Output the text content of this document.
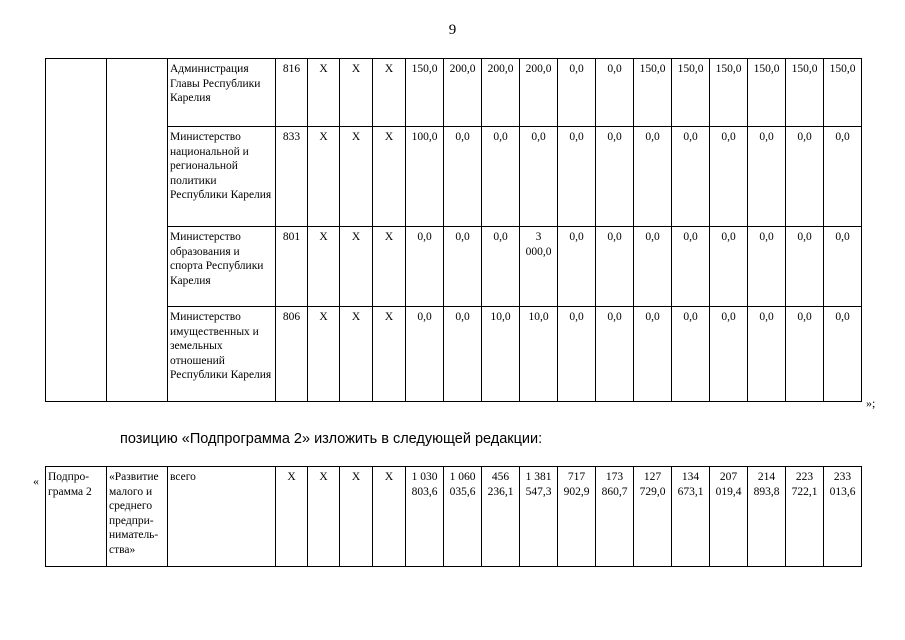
9
		Администрация Главы Республики Карелия	816	Х	Х	Х	150,0	200,0	200,0	200,0	0,0	0,0	150,0	150,0	150,0	150,0	150,0	150,0
		Министерство национальной и региональной политики Республики Карелия	833	Х	Х	Х	100,0	0,0	0,0	0,0	0,0	0,0	0,0	0,0	0,0	0,0	0,0	0,0
		Министерство образования и спорта Республики Карелия	801	Х	Х	Х	0,0	0,0	0,0	3 000,0	0,0	0,0	0,0	0,0	0,0	0,0	0,0	0,0
		Министерство имущественных и земельных отношений Республики Карелия	806	Х	Х	Х	0,0	0,0	10,0	10,0	0,0	0,0	0,0	0,0	0,0	0,0	0,0	0,0
»;
позицию «Подпрограмма 2» изложить в следующей редакции:
« Подпро-грамма 2	«Развитие малого и среднего предпри-ниматель-ства»	всего	Х	Х	Х	Х	1 030 803,6	1 060 035,6	456 236,1	1 381 547,3	717 902,9	173 860,7	127 729,0	134 673,1	207 019,4	214 893,8	223 722,1	233 013,6
